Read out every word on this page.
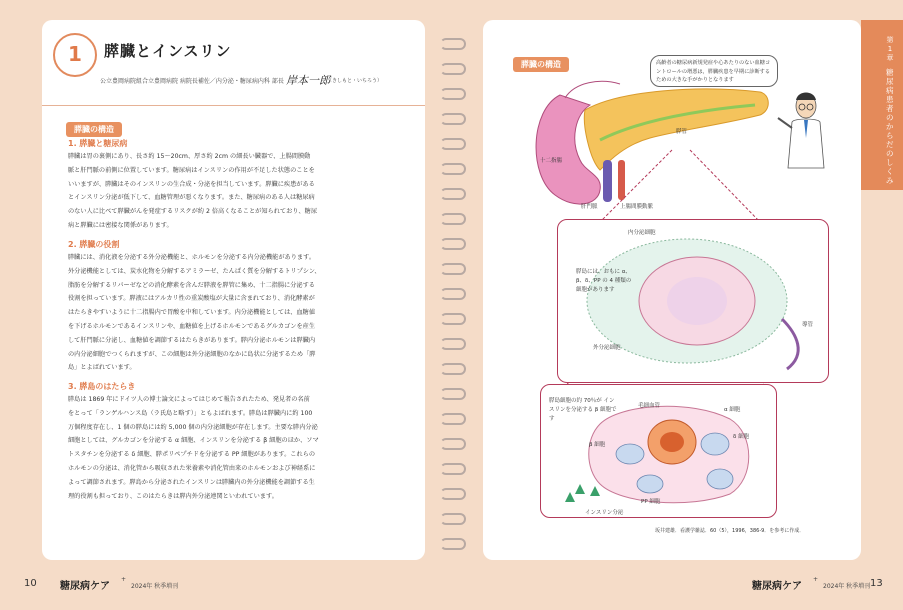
1	膵臓とインスリン
公立豊岡病院組合立豊岡病院 病院長補佐／内分泌・糖尿病内科 部長 岸本一郎
（きしもと・いちろう）
膵臓の構造
1. 膵臓と糖尿病
膵臓は胃の裏側にあり、長さ約 15〜20cm、厚さ約 2cm の細長い臓器で、上腸間膜動
脈と肝門脈の前側に位置しています。糖尿病はインスリンの作用が不足した状態のことを
いいますが、膵臓はそのインスリンの生合成・分泌を担当しています。膵臓に疾患がある
とインスリン分泌が低下して、血糖管理が悪くなります。また、糖尿病のある人は糖尿病
のない人に比べて膵臓がんを発症するリスクが約 2 倍高くなることが知られており、糖尿
病と膵臓には密接な関係があります。
2. 膵臓の役割
膵臓には、消化液を分泌する外分泌機能と、ホルモンを分泌する内分泌機能があります。
外分泌機能としては、炭水化物を分解するアミラーゼ、たんぱく質を分解するトリプシン、
脂肪を分解するリパーゼなどの消化酵素を含んだ膵液を膵管に集め、十二指腸に分泌する
役割を担っています。膵液にはアルカリ性の重炭酸塩が大量に含まれており、消化酵素が
はたらきやすいように十二指腸内で胃酸を中和しています。内分泌機能としては、血糖値
を下げるホルモンであるインスリンや、血糖値を上げるホルモンであるグルカゴンを産生
して肝門脈に分泌し、血糖値を調節するはたらきがあります。膵内分泌ホルモンは膵臓内
の内分泌細胞でつくられますが、この細胞は外分泌細胞のなかに島状に分泌するため「膵
島」とよばれています。
3. 膵島のはたらき
膵島は 1869 年にドイツ人の博士論文によってはじめて報告されたため、発見者の名前
をとって「ランゲルハンス島（ラ氏島と略す）」ともよばれます。膵島は膵臓内に約 100
万個程度存在し、1 個の膵島には約 5,000 個の内分泌細胞が存在します。主要な膵内分泌
細胞としては、グルカゴンを分泌する α 細胞、インスリンを分泌する β 細胞のほか、ソマ
トスタチンを分泌する δ 細胞、膵ポリペプチドを分泌する PP 細胞があります。これらの
ホルモンの分泌は、消化管から吸収された栄養素や消化管由来のホルモンおよび神経系に
よって調節されます。膵島から分泌されたインスリンは膵臓内の外分泌機能を調節する生
理的役割も担っており、このはたらきは膵内外分泌連関といわれています。
膵臓の構造	高齢者の糖尿病新規発症や心あたりのない血糖コントロールの増悪は，膵臓疾患を早期に診断するための大きな手がかりとなります
膵管
十二指腸
肝門脈	上腸間膜動脈
内分泌細胞
膵島には、おもに α、β、δ、PP の 4 種類の細胞があります
外分泌細胞
導管
膵島細胞の約 70％が インスリンを分泌する β 細胞です
毛細血管
α 細胞
δ 細胞
β 細胞
PP 細胞
インスリン分泌
坂井建雄．看護学雑誌．60（5），1996，386-9．を参考に作成．
第 1 章
糖尿病患者のからだのしくみ
10 糖尿病ケア
+
2024年 秋季増刊	糖尿病ケア
+
2024年 秋季増刊 13
